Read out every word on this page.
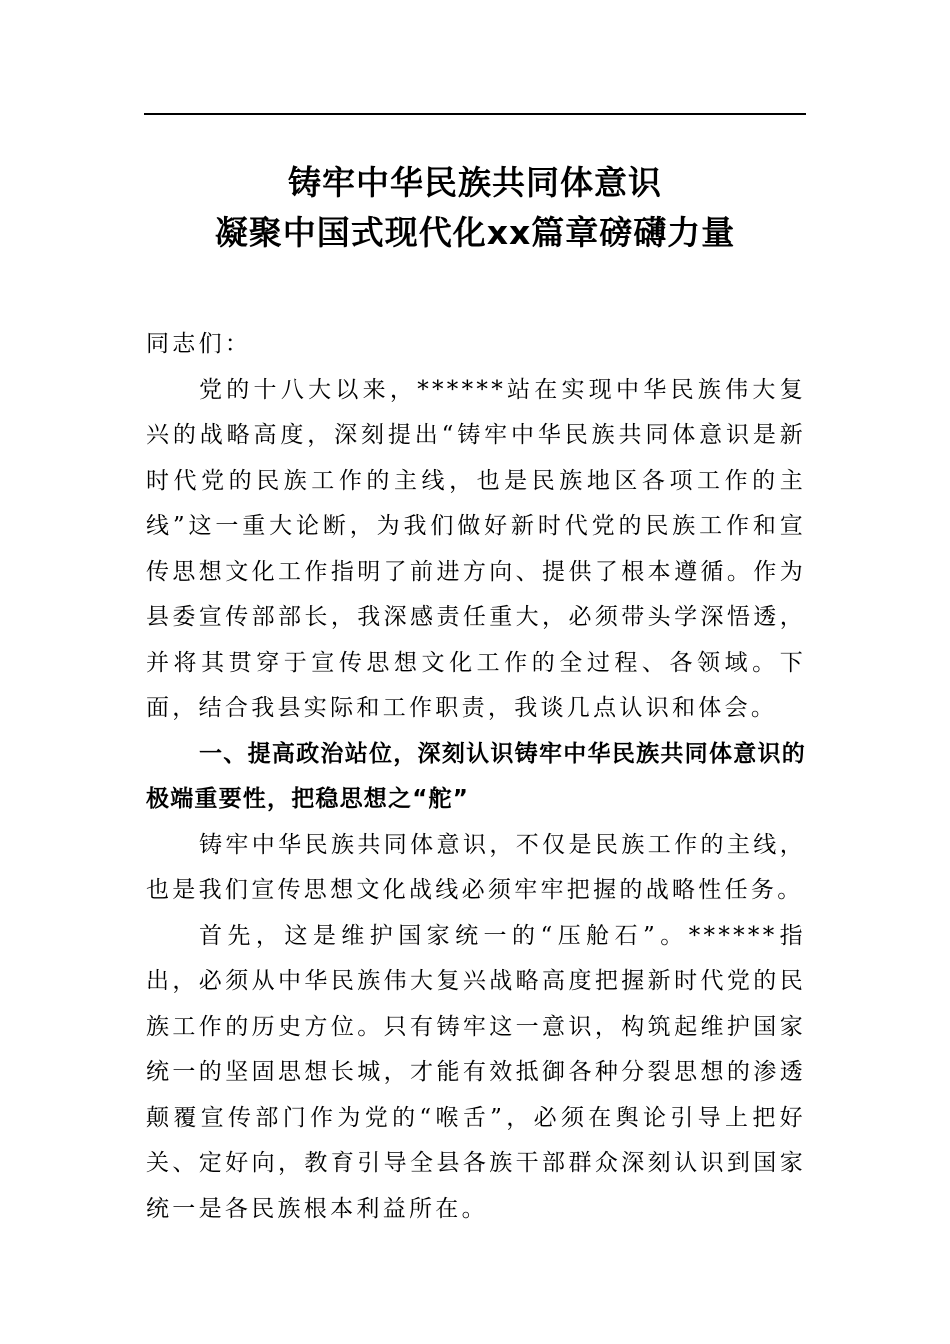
铸牢中华民族共同体意识
凝聚中国式现代化xx篇章磅礴力量

同志们：

党的十八大以来，******站在实现中华民族伟大复兴的战略高度，深刻提出“铸牢中华民族共同体意识是新时代党的民族工作的主线，也是民族地区各项工作的主线”这一重大论断，为我们做好新时代党的民族工作和宣传思想文化工作指明了前进方向、提供了根本遵循。作为县委宣传部部长，我深感责任重大，必须带头学深悟透，并将其贯穿于宣传思想文化工作的全过程、各领域。下面，结合我县实际和工作职责，我谈几点认识和体会。

一、提高政治站位，深刻认识铸牢中华民族共同体意识的极端重要性，把稳思想之“舵”

铸牢中华民族共同体意识，不仅是民族工作的主线，也是我们宣传思想文化战线必须牢牢把握的战略性任务。

首先，这是维护国家统一的“压舱石”。******指出，必须从中华民族伟大复兴战略高度把握新时代党的民族工作的历史方位。只有铸牢这一意识，构筑起维护国家统一的坚固思想长城，才能有效抵御各种分裂思想的渗透颠覆宣传部门作为党的“喉舌”，必须在舆论引导上把好关、定好向，教育引导全县各族干部群众深刻认识到国家统一是各民族根本利益所在。
